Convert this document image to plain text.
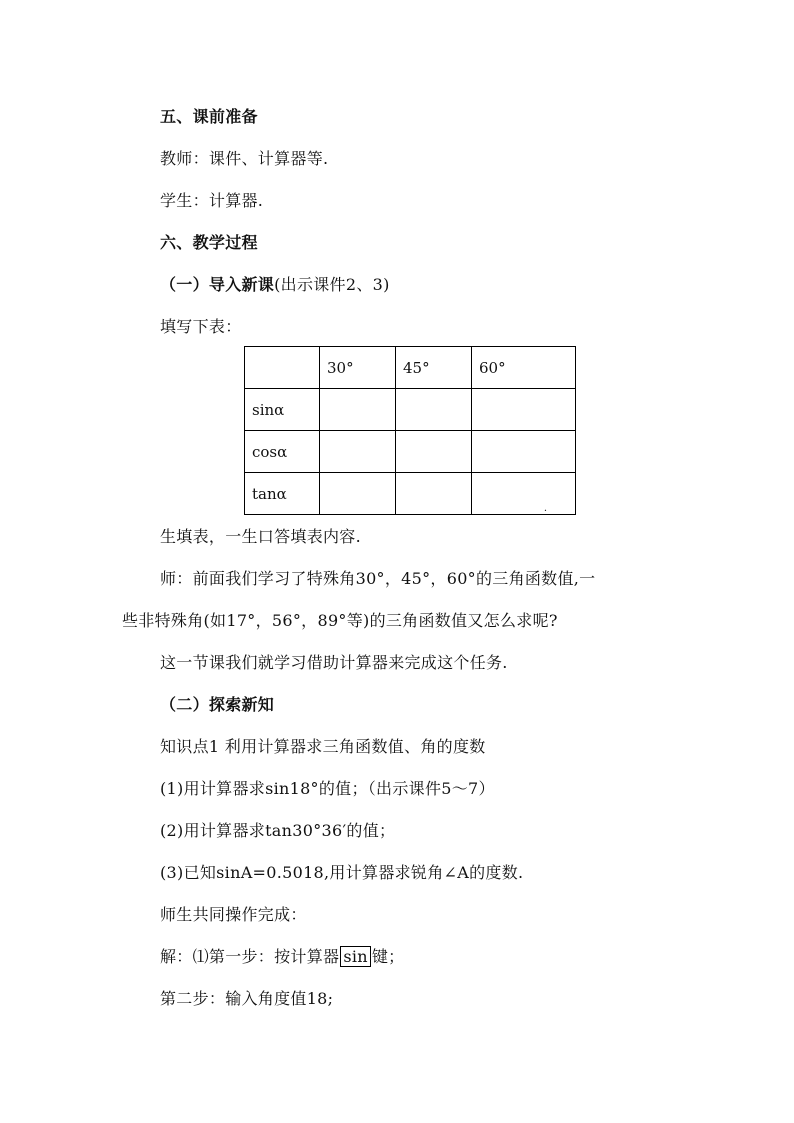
五、课前准备
教师：课件、计算器等.
学生：计算器.
六、教学过程
（一）导入新课(出示课件2、3)
填写下表：
	30°	45°	60°
sinα			
cosα			
tanα			.
生填表，一生口答填表内容.
师：前面我们学习了特殊角30°，45°，60°的三角函数值,一
些非特殊角(如17°，56°，89°等)的三角函数值又怎么求呢?
这一节课我们就学习借助计算器来完成这个任务.
（二）探索新知
知识点1 利用计算器求三角函数值、角的度数
(1)用计算器求sin18°的值；（出示课件5～7）
(2)用计算器求tan30°36′的值；
(3)已知sinA=0.5018,用计算器求锐角∠A的度数.
师生共同操作完成：
解：⑴第一步：按计算器 sin 键；
第二步：输入角度值18;
